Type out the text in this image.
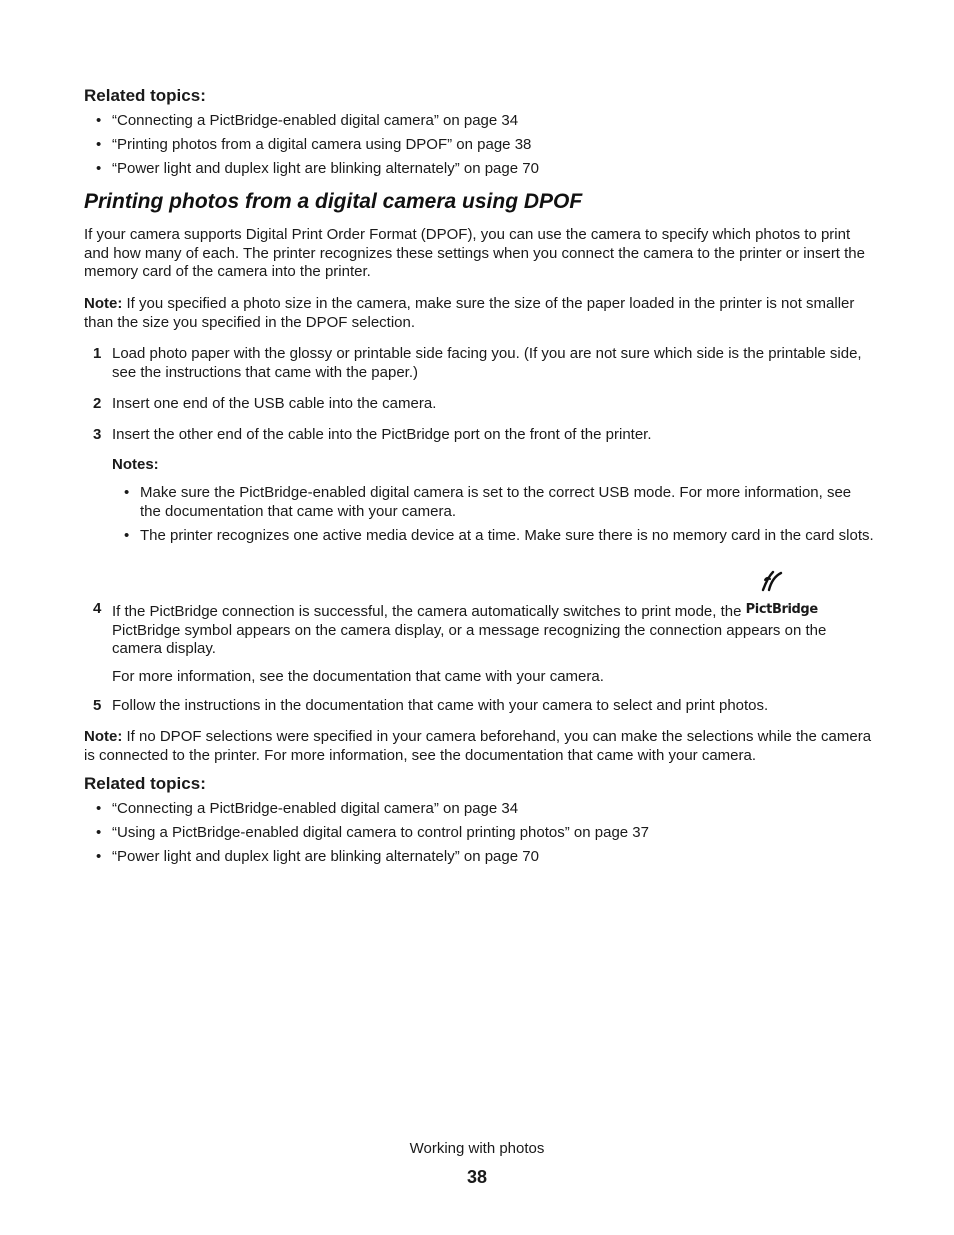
Related topics:
• “Connecting a PictBridge-enabled digital camera” on page 34
• “Printing photos from a digital camera using DPOF” on page 38
• “Power light and duplex light are blinking alternately” on page 70
Printing photos from a digital camera using DPOF

If your camera supports Digital Print Order Format (DPOF), you can use the camera to specify which photos to print and how many of each. The printer recognizes these settings when you connect the camera to the printer or insert the memory card of the camera into the printer.

Note: If you specified a photo size in the camera, make sure the size of the paper loaded in the printer is not smaller than the size you specified in the DPOF selection.

1 Load photo paper with the glossy or printable side facing you. (If you are not sure which side is the printable side, see the instructions that came with the paper.)
2 Insert one end of the USB cable into the camera.
3 Insert the other end of the cable into the PictBridge port on the front of the printer.
Notes:
• Make sure the PictBridge-enabled digital camera is set to the correct USB mode. For more information, see the documentation that came with your camera.
• The printer recognizes one active media device at a time. Make sure there is no memory card in the card slots.
4 If the PictBridge connection is successful, the camera automatically switches to print mode, the PictBridge

PictBridge symbol appears on the camera display, or a message recognizing the connection appears on the camera display.
For more information, see the documentation that came with your camera.
5 Follow the instructions in the documentation that came with your camera to select and print photos.

Note: If no DPOF selections were specified in your camera beforehand, you can make the selections while the camera is connected to the printer. For more information, see the documentation that came with your camera.

Related topics:
• “Connecting a PictBridge-enabled digital camera” on page 34
• “Using a PictBridge-enabled digital camera to control printing photos” on page 37
• “Power light and duplex light are blinking alternately” on page 70
Working with photos
38
